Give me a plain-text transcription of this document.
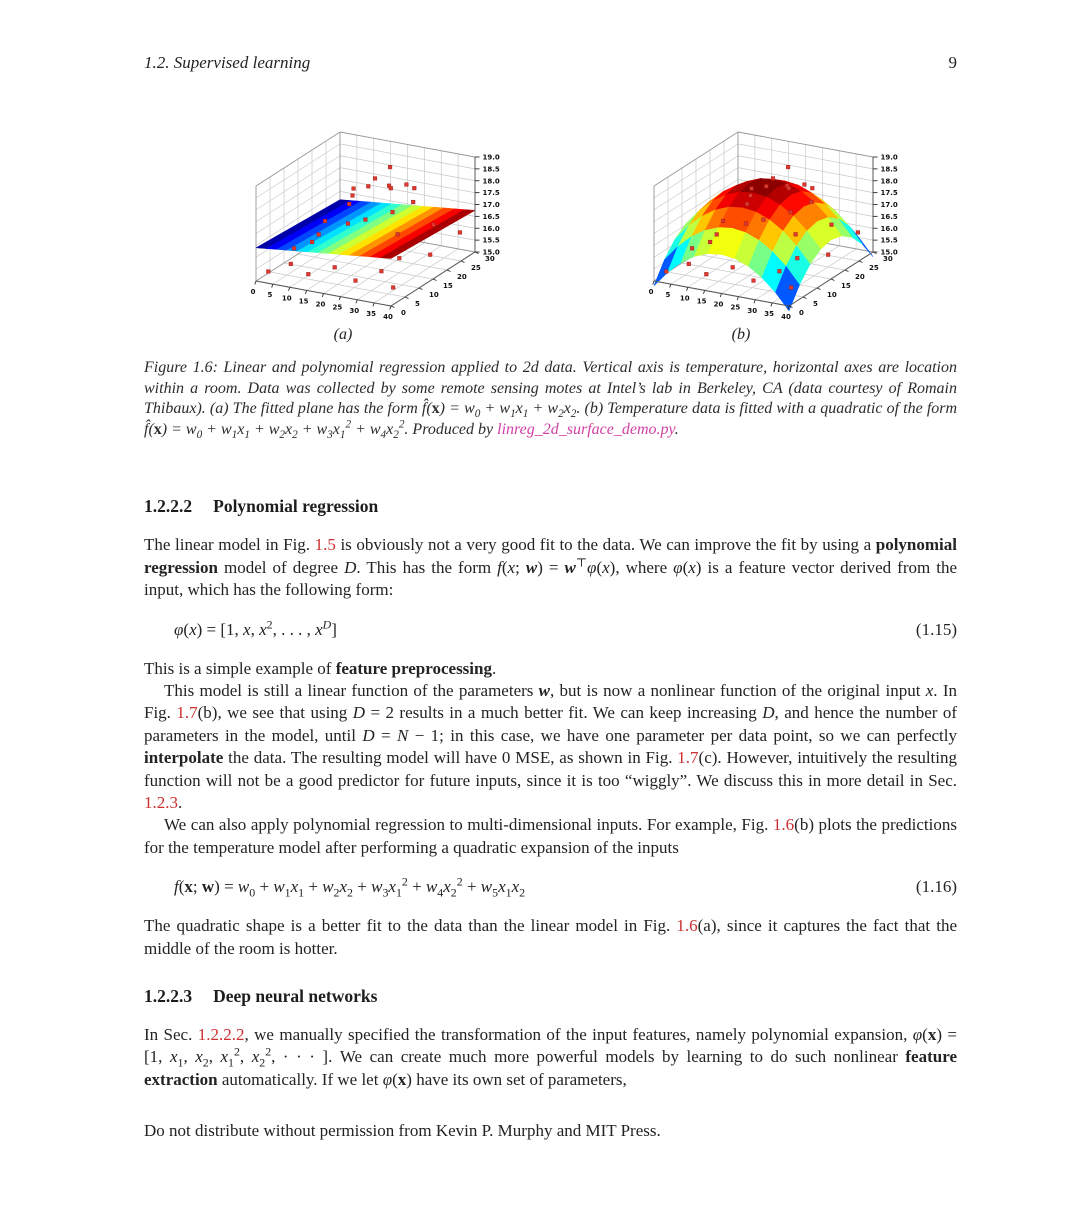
1.2. Supervised learning	9
0 5 10 15 20 25 30 35 40 0
5
10
15
20
25
30
15.0
15.5
16.0
16.5
17.0
17.5
18.0
18.5
19.0
(a)
0 5 10 15 20 25 30 35 40 0
5
10
15
20
25
30
15.0
15.5
16.0
16.5
17.0
17.5
18.0
18.5
19.0
(b)
Figure 1.6: Linear and polynomial regression applied to 2d data. Vertical axis is temperature, horizontal axes are location within a room. Data was collected by some remote sensing motes at Intel’s lab in Berkeley, CA (data courtesy of Romain Thibaux). (a) The fitted plane has the form f̂(x) = $w_0 + w_1x_1 + w_2x_2$. (b) Temperature data is fitted with a quadratic of the form f̂(x) = $w_0 + w_1x_1 + w_2x_2 + w_3x_1^2 + w_4x_2^2$. Produced by linreg_2d_surface_demo.py.
1.2.2.2 Polynomial regression

The linear model in Fig. 1.5 is obviously not a very good fit to the data. We can improve the fit by using a polynomial regression model of degree D. This has the form f(x; w) = w⊤φ(x), where φ(x) is a feature vector derived from the input, which has the following form:

φ(x) = [1, x, $x^2$, . . . , $x^D$]	(1.15)

This is a simple example of feature preprocessing.

This model is still a linear function of the parameters w, but is now a nonlinear function of the original input x. In Fig. 1.7(b), we see that using D = 2 results in a much better fit. We can keep increasing D, and hence the number of parameters in the model, until D = N − 1; in this case, we have one parameter per data point, so we can perfectly interpolate the data. The resulting model will have 0 MSE, as shown in Fig. 1.7(c). However, intuitively the resulting function will not be a good predictor for future inputs, since it is too “wiggly”. We discuss this in more detail in Sec. 1.2.3.

We can also apply polynomial regression to multi-dimensional inputs. For example, Fig. 1.6(b) plots the predictions for the temperature model after performing a quadratic expansion of the inputs

f(x; $w) = w_0 + w_1x_1 + w_2x_2 + w_3x_1^2 + w_4x_2^2 + w_5x_1x_2$	(1.16)

The quadratic shape is a better fit to the data than the linear model in Fig. 1.6(a), since it captures the fact that the middle of the room is hotter.

1.2.2.3 Deep neural networks

In Sec. 1.2.2.2, we manually specified the transformation of the input features, namely polynomial expansion, φ(x) = [1, $x_1$, $x_2$, $x_1^2$, $x_2^2$, · · · ]. We can create much more powerful models by learning to do such nonlinear feature extraction automatically. If we let φ(x) have its own set of parameters,

Do not distribute without permission from Kevin P. Murphy and MIT Press.
